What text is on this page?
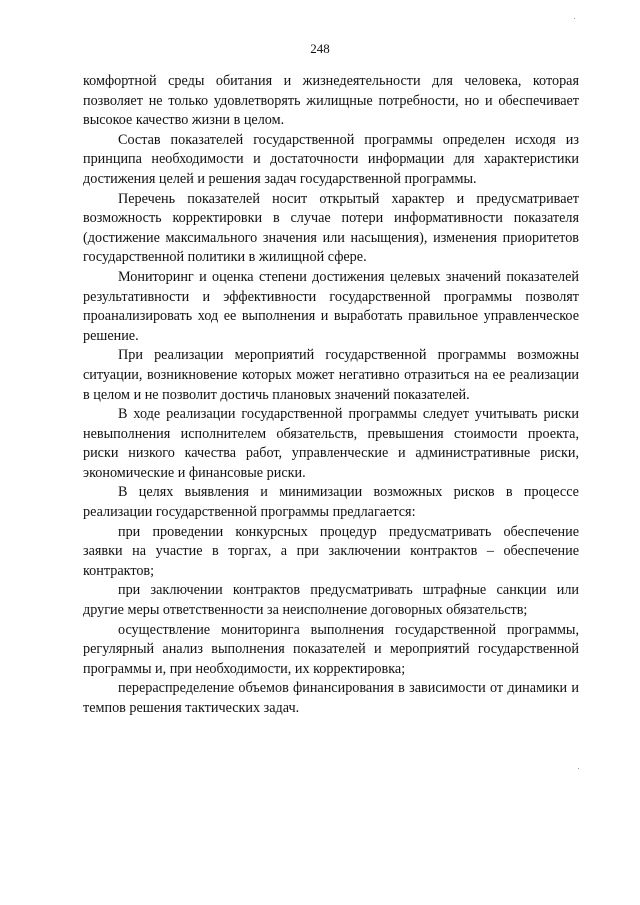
248

комфортной среды обитания и жизнедеятельности для человека, которая позволяет не только удовлетворять жилищные потребности, но и обеспечивает высокое качество жизни в целом.

Состав показателей государственной программы определен исходя из принципа необходимости и достаточности информации для характеристики достижения целей и решения задач государственной программы.

Перечень показателей носит открытый характер и предусматривает возможность корректировки в случае потери информативности показателя (достижение максимального значения или насыщения), изменения приоритетов государственной политики в жилищной сфере.

Мониторинг и оценка степени достижения целевых значений показателей результативности и эффективности государственной программы позволят проанализировать ход ее выполнения и выработать правильное управленческое решение.

При реализации мероприятий государственной программы возможны ситуации, возникновение которых может негативно отразиться на ее реализации в целом и не позволит достичь плановых значений показателей.

В ходе реализации государственной программы следует учитывать риски невыполнения исполнителем обязательств, превышения стоимости проекта, риски низкого качества работ, управленческие и административные риски, экономические и финансовые риски.

В целях выявления и минимизации возможных рисков в процессе реализации государственной программы предлагается:

при проведении конкурсных процедур предусматривать обеспечение заявки на участие в торгах, а при заключении контрактов – обеспечение контрактов;

при заключении контрактов предусматривать штрафные санкции или другие меры ответственности за неисполнение договорных обязательств;

осуществление мониторинга выполнения государственной программы, регулярный анализ выполнения показателей и мероприятий государственной программы и, при необходимости, их корректировка;

перераспределение объемов финансирования в зависимости от динамики и темпов решения тактических задач.
